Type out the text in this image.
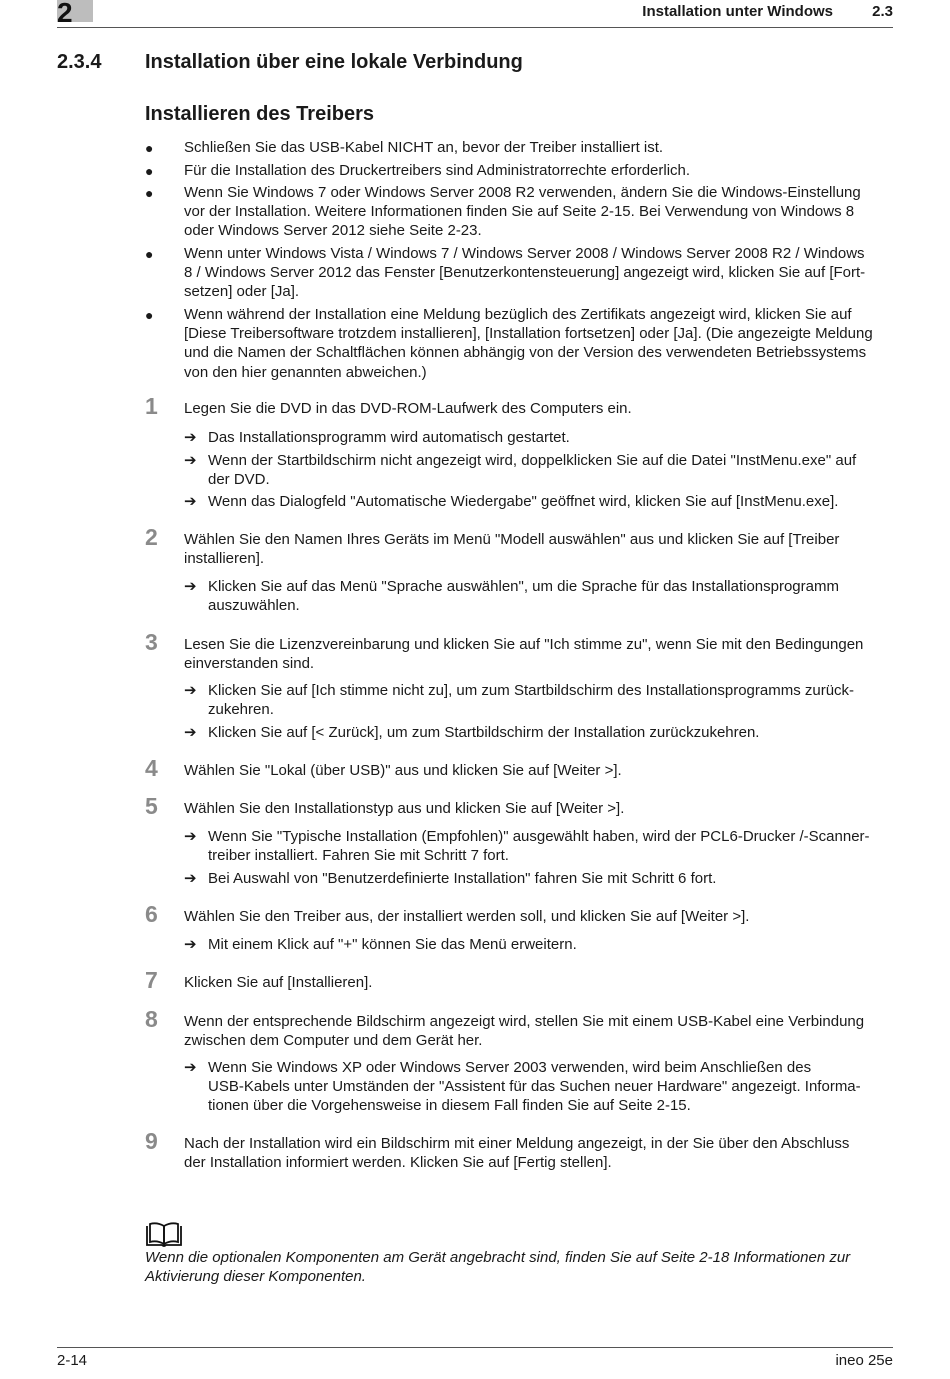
2	Installation unter Windows	2.3
2.3.4 Installation über eine lokale Verbindung
Installieren des Treibers
● Schließen Sie das USB-Kabel NICHT an, bevor der Treiber installiert ist.
● Für die Installation des Druckertreibers sind Administratorrechte erforderlich.
● Wenn Sie Windows 7 oder Windows Server 2008 R2 verwenden, ändern Sie die Windows-Einstellung
vor der Installation. Weitere Informationen finden Sie auf Seite 2-15. Bei Verwendung von Windows 8
oder Windows Server 2012 siehe Seite 2-23.
● Wenn unter Windows Vista / Windows 7 / Windows Server 2008 / Windows Server 2008 R2 / Windows
8 / Windows Server 2012 das Fenster [Benutzerkontensteuerung] angezeigt wird, klicken Sie auf [Fort-
setzen] oder [Ja].
● Wenn während der Installation eine Meldung bezüglich des Zertifikats angezeigt wird, klicken Sie auf
[Diese Treibersoftware trotzdem installieren], [Installation fortsetzen] oder [Ja]. (Die angezeigte Meldung
und die Namen der Schaltflächen können abhängig von der Version des verwendeten Betriebssystems
von den hier genannten abweichen.)
1 Legen Sie die DVD in das DVD-ROM-Laufwerk des Computers ein.
➔ Das Installationsprogramm wird automatisch gestartet.
➔ Wenn der Startbildschirm nicht angezeigt wird, doppelklicken Sie auf die Datei "InstMenu.exe" auf
der DVD.
➔ Wenn das Dialogfeld "Automatische Wiedergabe" geöffnet wird, klicken Sie auf [InstMenu.exe].
2 Wählen Sie den Namen Ihres Geräts im Menü "Modell auswählen" aus und klicken Sie auf [Treiber
installieren].
➔ Klicken Sie auf das Menü "Sprache auswählen", um die Sprache für das Installationsprogramm
auszuwählen.
3 Lesen Sie die Lizenzvereinbarung und klicken Sie auf "Ich stimme zu", wenn Sie mit den Bedingungen
einverstanden sind.
➔ Klicken Sie auf [Ich stimme nicht zu], um zum Startbildschirm des Installationsprogramms zurück-
zukehren.
➔ Klicken Sie auf [< Zurück], um zum Startbildschirm der Installation zurückzukehren.
4 Wählen Sie "Lokal (über USB)" aus und klicken Sie auf [Weiter >].
5 Wählen Sie den Installationstyp aus und klicken Sie auf [Weiter >].
➔ Wenn Sie "Typische Installation (Empfohlen)" ausgewählt haben, wird der PCL6-Drucker /-Scanner-
treiber installiert. Fahren Sie mit Schritt 7 fort.
➔ Bei Auswahl von "Benutzerdefinierte Installation" fahren Sie mit Schritt 6 fort.
6 Wählen Sie den Treiber aus, der installiert werden soll, und klicken Sie auf [Weiter >].
➔ Mit einem Klick auf "+" können Sie das Menü erweitern.
7 Klicken Sie auf [Installieren].
8 Wenn der entsprechende Bildschirm angezeigt wird, stellen Sie mit einem USB-Kabel eine Verbindung
zwischen dem Computer und dem Gerät her.
➔ Wenn Sie Windows XP oder Windows Server 2003 verwenden, wird beim Anschließen des
USB-Kabels unter Umständen der "Assistent für das Suchen neuer Hardware" angezeigt. Informa-
tionen über die Vorgehensweise in diesem Fall finden Sie auf Seite 2-15.
9 Nach der Installation wird ein Bildschirm mit einer Meldung angezeigt, in der Sie über den Abschluss
der Installation informiert werden. Klicken Sie auf [Fertig stellen].
Wenn die optionalen Komponenten am Gerät angebracht sind, finden Sie auf Seite 2-18 Informationen zur
Aktivierung dieser Komponenten.
2-14	ineo 25e
